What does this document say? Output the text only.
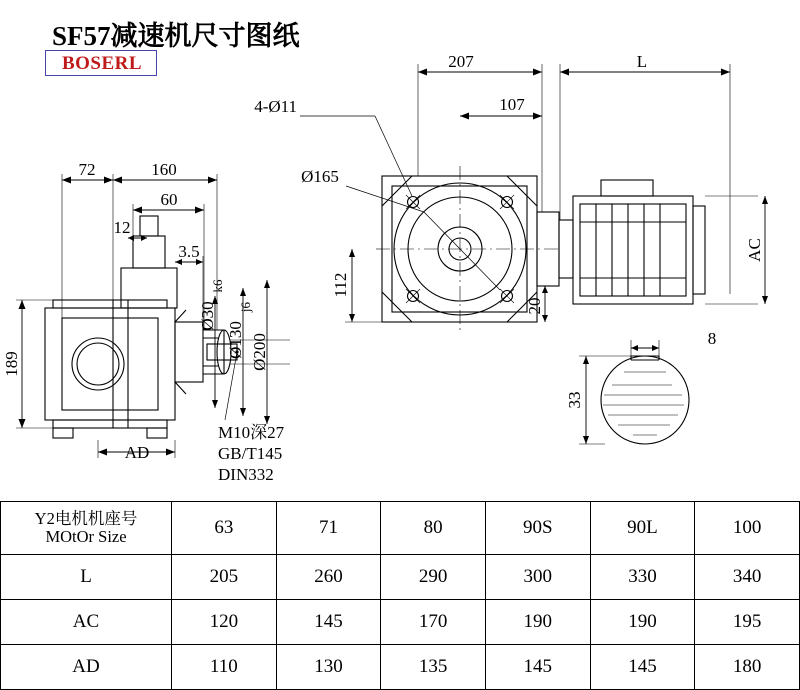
SF57减速机尺寸图纸
BOSERL	207	L
107
4-Ø11
Ø165
112
20
AC
72	160
60
12
3.5
189
AD
Ø30
k6
Ø130
j6
Ø200
M10深27
GB/T145
DIN332
8
33
Y2电机机座号
MOtOr Size	63	71	80	90S	90L	100
L	205	260	290	300	330	340
AC	120	145	170	190	190	195
AD	110	130	135	145	145	180
